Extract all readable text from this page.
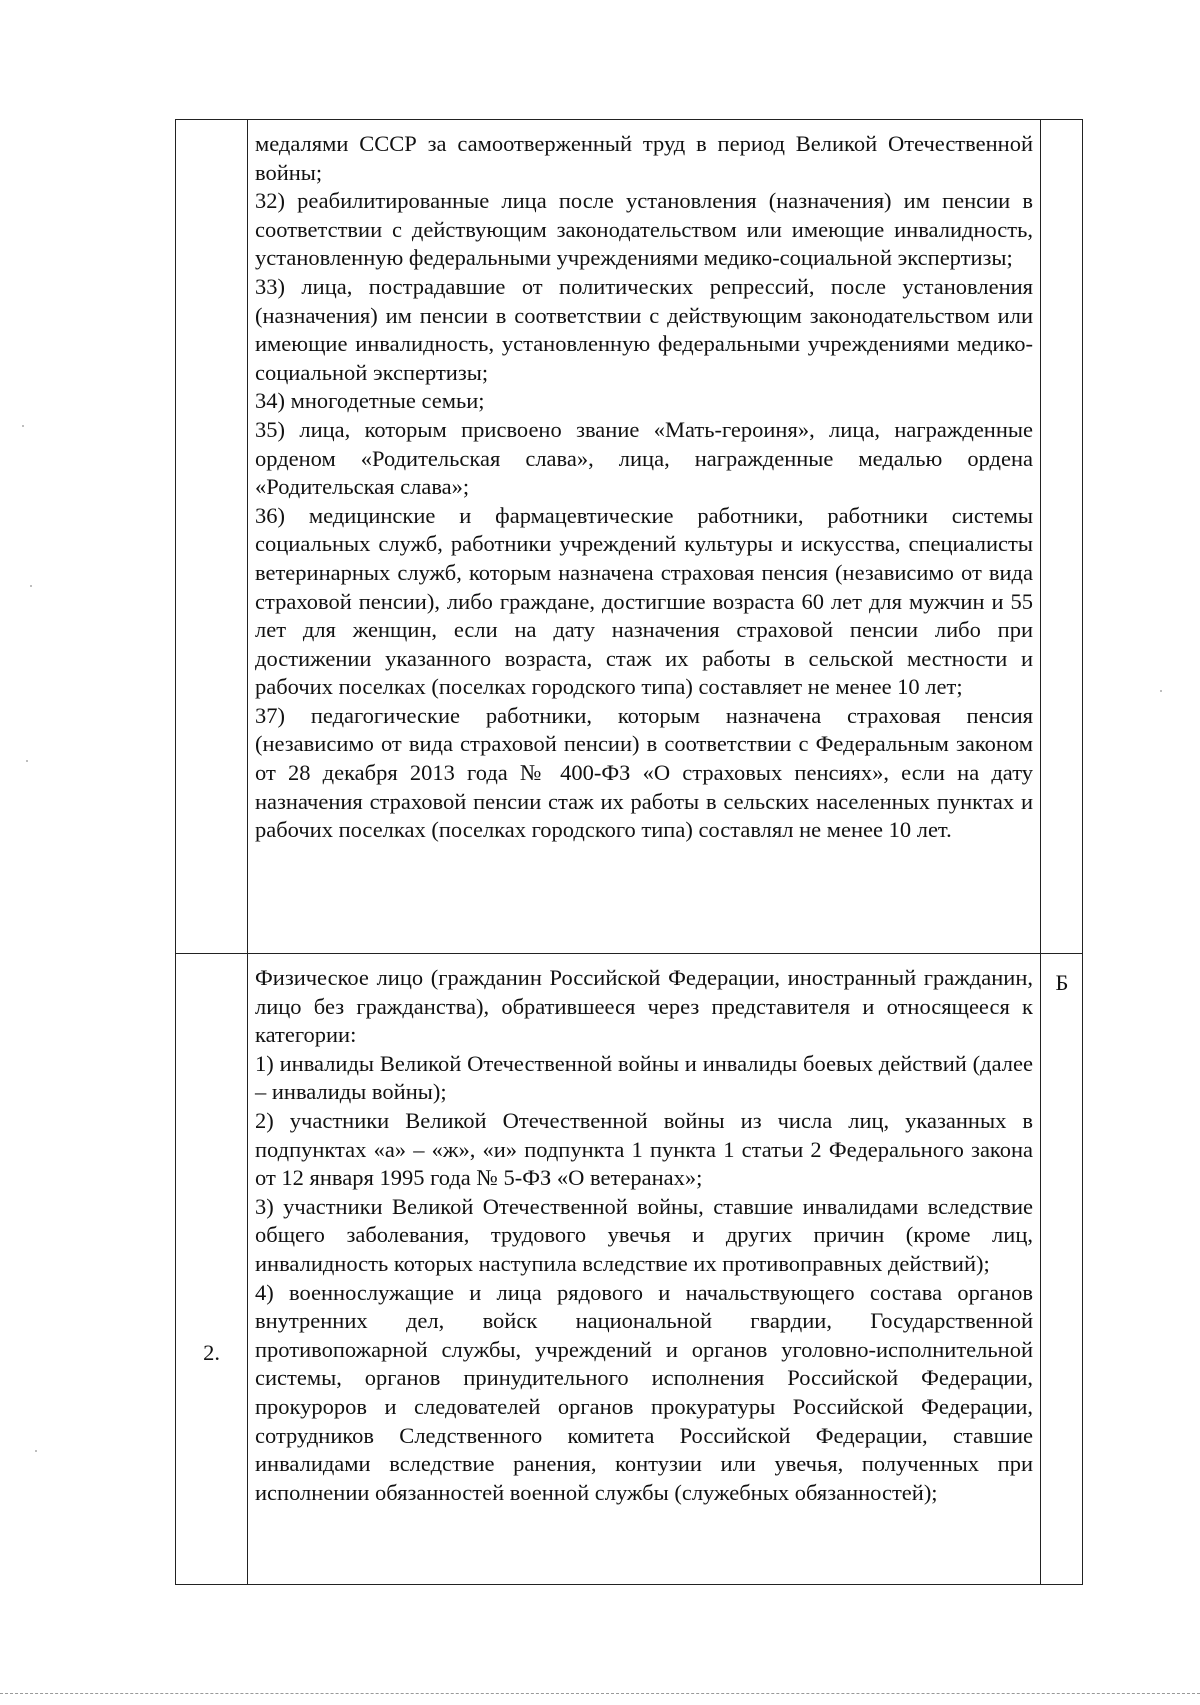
медалями СССР за самоотверженный труд в период Великой Отечественной войны;

32) реабилитированные лица после установления (назначения) им пенсии в соответствии с действующим законодательством или имеющие инвалидность, установленную федеральными учреждениями медико-социальной экспертизы;

33) лица, пострадавшие от политических репрессий, после установления (назначения) им пенсии в соответствии с действующим законодательством или имеющие инвалидность, установленную федеральными учреждениями медико-социальной экспертизы;

34) многодетные семьи;

35) лица, которым присвоено звание «Мать-героиня», лица, награжденные орденом «Родительская слава», лица, награжденные медалью ордена «Родительская слава»;

36) медицинские и фармацевтические работники, работники системы социальных служб, работники учреждений культуры и искусства, специалисты ветеринарных служб, которым назначена страховая пенсия (независимо от вида страховой пенсии), либо граждане, достигшие возраста 60 лет для мужчин и 55 лет для женщин, если на дату назначения страховой пенсии либо при достижении указанного возраста, стаж их работы в сельской местности и рабочих поселках (поселках городского типа) составляет не менее 10 лет;

37) педагогические работники, которым назначена страховая пенсия (независимо от вида страховой пенсии) в соответствии с Федеральным законом от 28 декабря 2013 года № 400-ФЗ «О страховых пенсиях», если на дату назначения страховой пенсии стаж их работы в сельских населенных пунктах и рабочих поселках (поселках городского типа) составлял не менее 10 лет.

2.
Б

Физическое лицо (гражданин Российской Федерации, иностранный гражданин, лицо без гражданства), обратившееся через представителя и относящееся к категории:

1) инвалиды Великой Отечественной войны и инвалиды боевых действий (далее – инвалиды войны);

2) участники Великой Отечественной войны из числа лиц, указанных в подпунктах «а» – «ж», «и» подпункта 1 пункта 1 статьи 2 Федерального закона от 12 января 1995 года № 5-ФЗ «О ветеранах»;

3) участники Великой Отечественной войны, ставшие инвалидами вследствие общего заболевания, трудового увечья и других причин (кроме лиц, инвалидность которых наступила вследствие их противоправных действий);

4) военнослужащие и лица рядового и начальствующего состава органов внутренних дел, войск национальной гвардии, Государственной противопожарной службы, учреждений и органов уголовно-исполнительной системы, органов принудительного исполнения Российской Федерации, прокуроров и следователей органов прокуратуры Российской Федерации, сотрудников Следственного комитета Российской Федерации, ставшие инвалидами вследствие ранения, контузии или увечья, полученных при исполнении обязанностей военной службы (служебных обязанностей);
